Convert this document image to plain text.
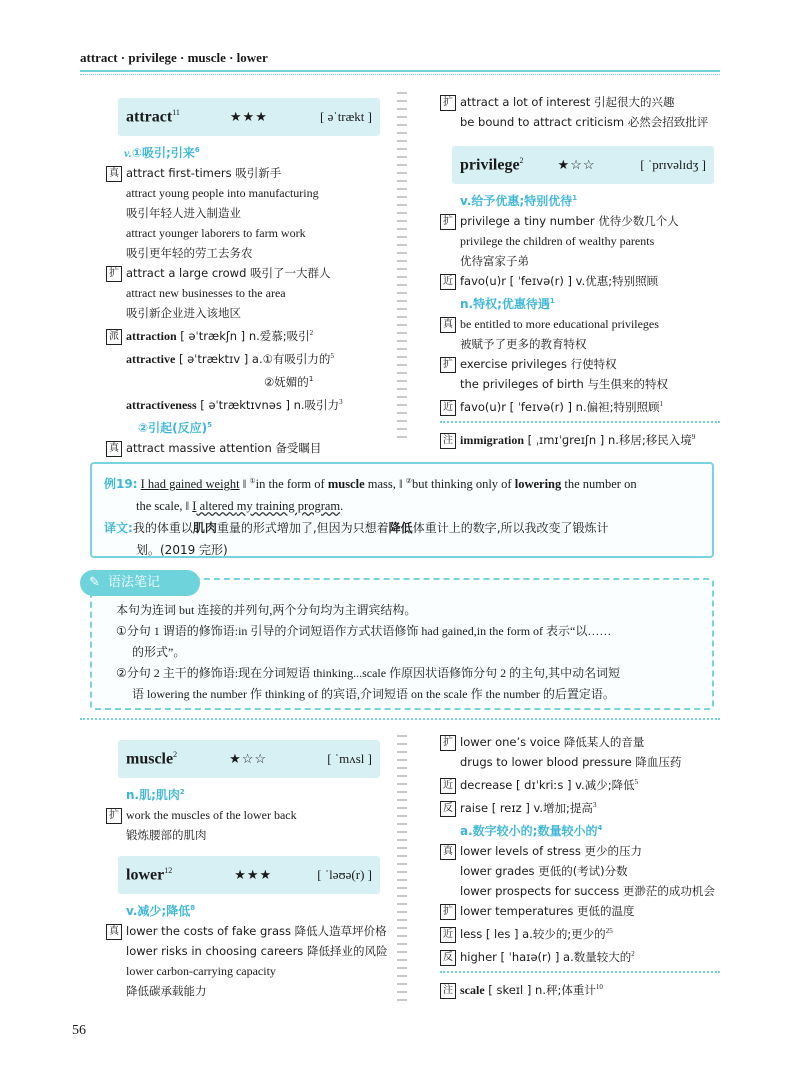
attract · privilege · muscle · lower
attract$^{11}$	★★★	[ əˈtrækt ]
v.①吸引;引来$^6$
真 attract first-timers 吸引新手
attract young people into manufacturing
吸引年轻人进入制造业
attract younger laborers to farm work
吸引更年轻的劳工去务农
扩 attract a large crowd 吸引了一大群人
attract new businesses to the area
吸引新企业进入该地区
派 attraction [ əˈtrækʃn ] n.爱慕;吸引$^2$
attractive [ əˈtræktɪv ] a.①有吸引力的$^5$
②妩媚的$^1$
attractiveness [ əˈtræktɪvnəs ] n.吸引力$^3$
②引起(反应)$^5$
真 attract massive attention 备受瞩目
扩 attract a lot of interest 引起很大的兴趣
be bound to attract criticism 必然会招致批评
privilege$^2$	★☆☆	[ ˈprɪvəlɪdʒ ]
v.给予优惠;特别优待$^1$
扩 privilege a tiny number 优待少数几个人
privilege the children of wealthy parents
优待富家子弟
近 favo(u)r [ ˈfeɪvə(r) ] v.优惠;特别照顾
n.特权;优惠待遇$^1$
真 be entitled to more educational privileges
被赋予了更多的教育特权
扩 exercise privileges 行使特权
the privileges of birth 与生俱来的特权
近 favo(u)r [ ˈfeɪvə(r) ] n.偏袒;特别照顾$^1$
注 immigration [ ˌɪmɪˈɡreɪʃn ] n.移居;移民入境$^9$
例19: I had gained weight ‖ ①in the form of muscle mass, ‖ ②but thinking only of lowering the number on
the scale, ‖ I altered my training program.
译文:我的体重以肌肉重量的形式增加了,但因为只想着降低体重计上的数字,所以我改变了锻炼计
划。(2019 完形)
✎ 语法笔记
本句为连词 but 连接的并列句,两个分句均为主谓宾结构。
①分句 1 谓语的修饰语:in 引导的介词短语作方式状语修饰 had gained,in the form of 表示“以……
的形式”。
②分句 2 主干的修饰语:现在分词短语 thinking...scale 作原因状语修饰分句 2 的主句,其中动名词短
语 lowering the number 作 thinking of 的宾语,介词短语 on the scale 作 the number 的后置定语。
muscle$^2$	★☆☆	[ ˈmʌsl ]
n.肌;肌肉$^2$
扩 work the muscles of the lower back
锻炼腰部的肌肉
lower$^{12}$	★★★	[ ˈləʊə(r) ]
v.减少;降低$^8$
真 lower the costs of fake grass 降低人造草坪价格
lower risks in choosing careers 降低择业的风险
lower carbon-carrying capacity
降低碳承载能力
扩 lower one’s voice 降低某人的音量
drugs to lower blood pressure 降血压药
近 decrease [ dɪˈkriːs ] v.减少;降低$^5$
反 raise [ reɪz ] v.增加;提高$^3$
a.数字较小的;数量较小的$^4$
真 lower levels of stress 更少的压力
lower grades 更低的(考试)分数
lower prospects for success 更渺茫的成功机会
扩 lower temperatures 更低的温度
近 less [ les ] a.较少的;更少的$^{25}$
反 higher [ ˈhaɪə(r) ] a.数量较大的$^2$
注 scale [ skeɪl ] n.秤;体重计$^{10}$
56
